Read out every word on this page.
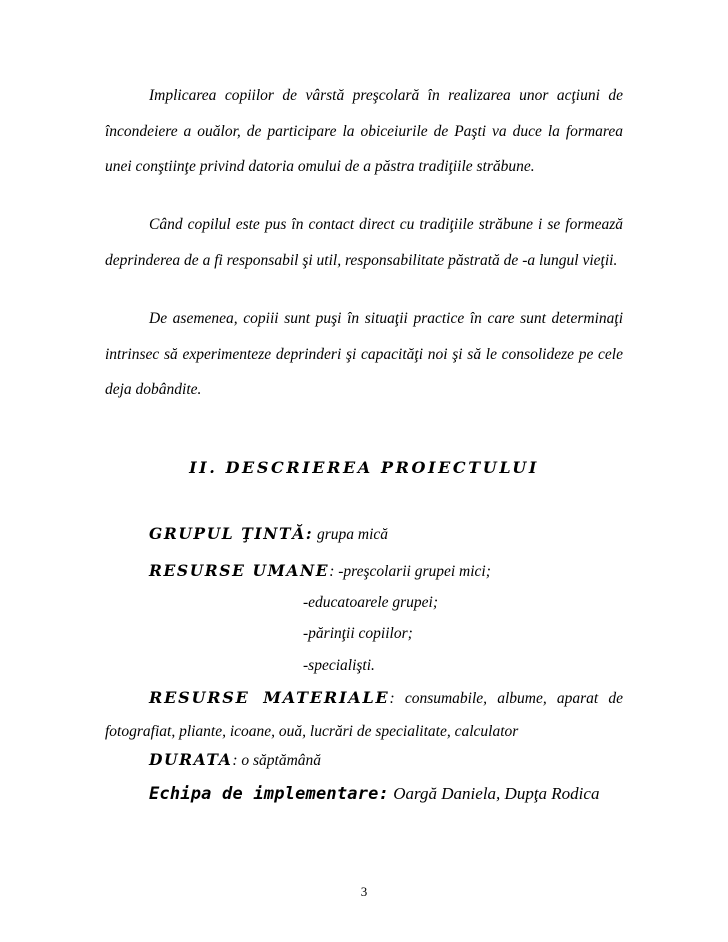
Implicarea copiilor de vârstă preşcolară în realizarea unor acţiuni de încondeiere a ouălor, de participare la obiceiurile de Paşti va duce la formarea unei conştiinţe privind datoria omului de a păstra tradiţiile străbune.

Când copilul este pus în contact direct cu tradiţiile străbune i se formează deprinderea de a fi responsabil şi util, responsabilitate păstrată de -a lungul vieţii.

De asemenea, copiii sunt puşi în situaţii practice în care sunt determinaţi intrinsec să experimenteze deprinderi şi capacităţi noi şi să le consolideze pe cele deja dobândite.

II. DESCRIEREA PROIECTULUI
GRUPUL ŢINTĂ: grupa mică
RESURSE UMANE: -preşcolarii grupei mici;
-educatoarele grupei;
-părinţii copiilor;
-specialişti.

RESURSE MATERIALE: consumabile, albume, aparat de fotografiat, pliante, icoane, ouă, lucrări de specialitate, calculator

DURATA: o săptămână
Echipa de implementare: Oargă Daniela, Dupţa Rodica
3
